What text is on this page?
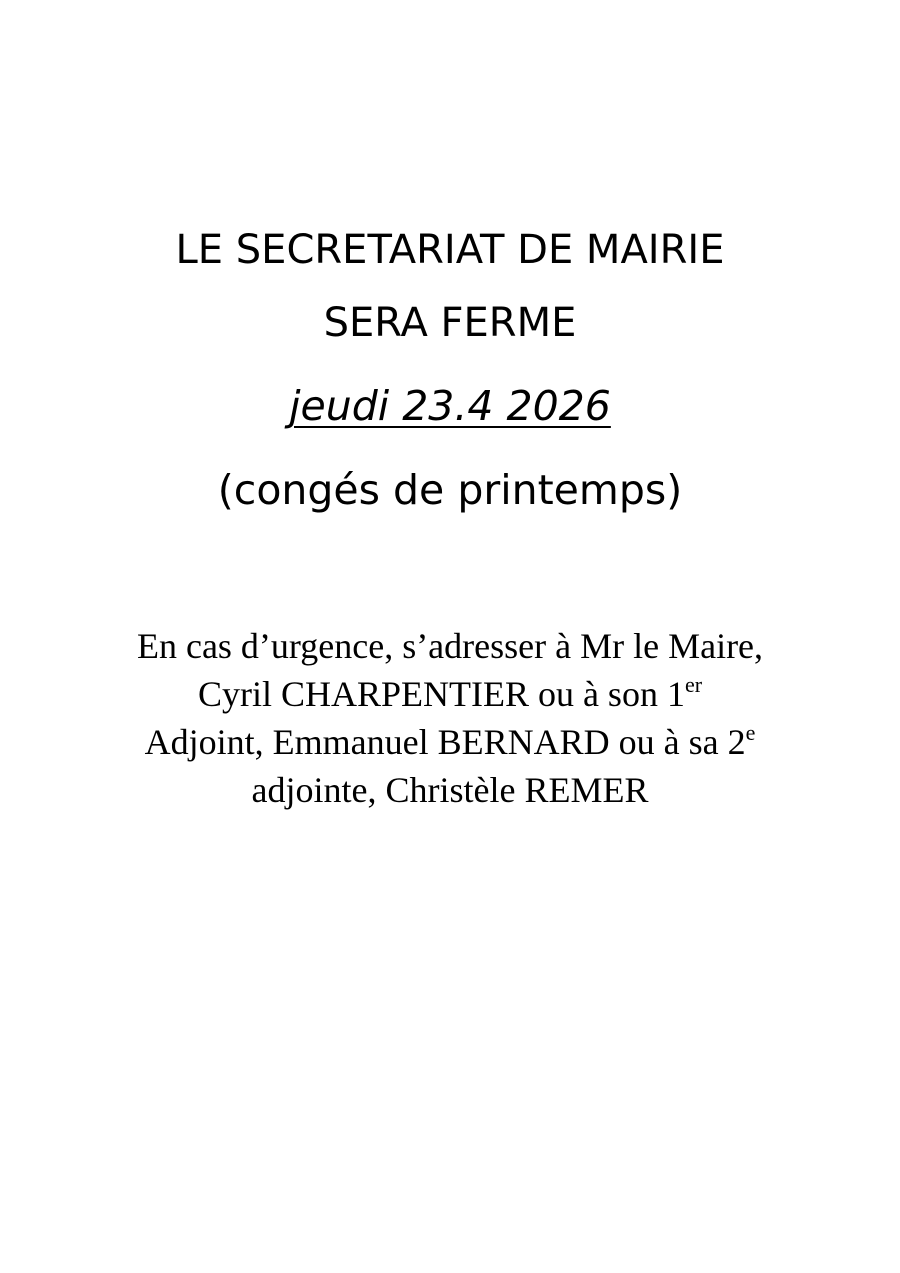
LE SECRETARIAT DE MAIRIE
SERA FERME
jeudi 23.4 2026
(congés de printemps)
En cas d’urgence, s’adresser à Mr le Maire,
Cyril CHARPENTIER ou à son 1er
Adjoint, Emmanuel BERNARD ou à sa 2e
adjointe, Christèle REMER
